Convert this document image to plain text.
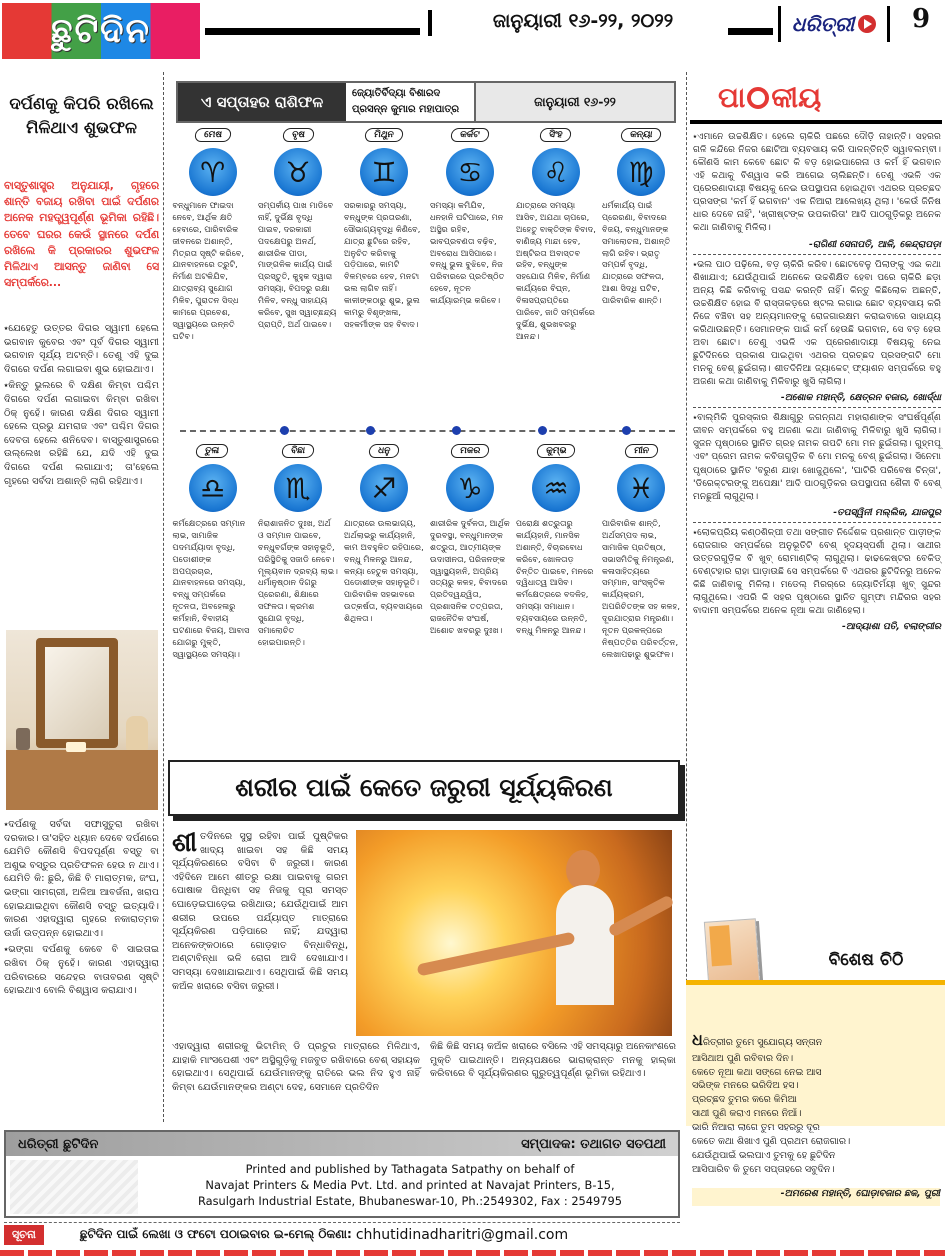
ଛୁଟିଦିନ	ଜାନୁୟାରୀ ୧୬-୨୨, ୨୦୨୨	ଧରିତ୍ରୀ	9
ଦର୍ପଣକୁ କିପରି ରଖିଲେ ମିଳିଥାଏ ଶୁଭଫଳ
ବାସ୍ତୁଶାସ୍ତ୍ର ଅନୁଯାୟୀ, ଗୃହରେ ଶାନ୍ତି ବଜାୟ ରଖିବା ପାଇଁ ଦର୍ପଣର ଅନେକ ମହତ୍ତ୍ୱପୂର୍ଣ୍ଣ ଭୂମିକା ରହିଛି। ତେବେ ଘରର କେଉଁ ସ୍ଥାନରେ ଦର୍ପଣ ରଖିଲେ କି ପ୍ରକାରର ଶୁଭଫଳ ମିଳିଥାଏ ଆସନ୍ତୁ ଜାଣିବା ସେ ସମ୍ପର୍କରେ...

⭑ଯେହେତୁ ଉତ୍ତର ଦିଗର ସ୍ୱାମୀ ହେଲେ ଭଗବାନ କୁବେର ଏବଂ ପୂର୍ବ ଦିଗର ସ୍ୱାମୀ ଭଗବାନ ସୂର୍ଯ୍ୟ ଅଟନ୍ତି। ତେଣୁ ଏହି ଦୁଇ ଦିଗରେ ଦର୍ପଣ ଲଗାଇବା ଶୁଭ ହୋଇଥାଏ।

⭑କିନ୍ତୁ ଭୁଲରେ ବି ଦକ୍ଷିଣ କିମ୍ବା ପଶ୍ଚିମ ଦିଗରେ ଦର୍ପଣ ଲଗାଇବା କିମ୍ବା ରଖିବା ଠିକ୍ ନୁହେଁ। କାରଣ ଦକ୍ଷିଣ ଦିଗର ସ୍ୱାମୀ ହେଲେ ପ୍ରଭୁ ଯମରାଜ ଏବଂ ପଶ୍ଚିମ ଦିଗର ଦେବତା ହେଲେ ଶନିଦେବ। ବାସ୍ତୁଶାସ୍ତ୍ରରେ ଉଲ୍ଲେଖ ରହିଛି ଯେ, ଯଦି ଏହି ଦୁଇ ଦିଗରେ ଦର୍ପଣ ଲଗାଯାଏ; ତା'ହେଲେ ଗୃହରେ ସର୍ବଦା ଅଶାନ୍ତି ଲାଗି ରହିଥାଏ।

⭑ଦର୍ପଣକୁ ସର୍ବଦା ସଫାସୁତୁରା ରଖିବା ଦରକାର। ତା'ସହିତ ଧ୍ୟାନ ଦେବେ ଦର୍ପଣରେ ଯେମିତି କୌଣସି ବିପଦପୂର୍ଣ୍ଣ ବସ୍ତୁ ବା ଅଶୁଭ ବସ୍ତୁର ପ୍ରତିଫଳନ ହେଉ ନ ଥାଏ। ଯେମିତି କି: ଛୁରି, କିଛି ବି ମାରାତ୍ମକ, ଜଂଘ, ଭଙ୍ଗା ସାମଗ୍ରୀ, ଅଳିଆ ଆବର୍ଜନା, ଖରାପ ହୋଇଯାଇଥିବା କୌଣସି ବସ୍ତୁ ଇତ୍ୟାଦି। କାରଣ ଏହାଦ୍ୱାରା ଗୃହରେ ନକାରାତ୍ମକ ଉର୍ଜା ଉତ୍ପନ୍ନ ହୋଇଥାଏ।

⭑ଭଙ୍ଗା ଦର୍ପଣକୁ କେବେ ବି ସାଇତାଇ ରଖିବା ଠିକ୍ ନୁହେଁ। କାରଣ ଏହାଦ୍ୱାରା ପରିବାରରେ ସନ୍ଦେହର ବାତାବରଣ ସୃଷ୍ଟି ହୋଇଥାଏ ବୋଲି ବିଶ୍ୱାସ କରାଯାଏ।

ଏ ସପ୍ତାହର ରାଶିଫଳ	ଜ୍ୟୋତିର୍ବିଦ୍ୟା ବିଶାରଦ
ପ୍ରସନ୍ନ କୁମାର ମହାପାତ୍ର
ଜାନୁୟାରୀ ୧୬-୨୨
ମେଷ
♈
ବନ୍ଧୁମାନେ ଫାଇଦା ନେବେ, ଆର୍ଥିକ କ୍ଷତି ହେବାରେ, ପାରିବାରିକ ଜୀବନରେ ଅଶାନ୍ତି, ମିତ୍ରତା ସୃଷ୍ଟି କରିବେ, ଯାନବାହନରେ ତ୍ରୁଟି, ନିର୍ମାଣ ଅଟକିଯିବ, ଯାତ୍ରାବ୍ୟ ସୁଯୋଗ ମିଳିବ, ପୁରାତନ ସିଦ୍ଧ କାମରେ ପ୍ରବେଶ, ସ୍ୱାସ୍ଥ୍ୟରେ ଉନ୍ନତି ଘଟିବ।
ବୃଷ
♉
ସମ୍ପର୍କୀୟ ପାଖ ମାଡିବେ ନାହିଁ, ଦୁର୍ଭିକ୍ଷ ବୃଦ୍ଧି ପାଇବ, ଦରକାରୀ ପଦକ୍ଷେପରୁ ଅନର୍ଥ, ଶାରୀରିକ ପୀଡା, ମାଙ୍ଗଳିକ କାର୍ଯ୍ୟ ପାଇଁ ପ୍ରସ୍ତୁତି, କୁହୁକ ଦ୍ୱାରା ସମସ୍ୟା, ବିପଦରୁ ରକ୍ଷା ମିଳିବ, ବନ୍ଧୁ ସାହାଯ୍ୟ କରିବେ, ସୁଖ ସ୍ୱାଚ୍ଛନ୍ଦ୍ୟ ପ୍ରାପ୍ତି, ଅର୍ଥ ପାଇବେ।
ମିଥୁନ
♊
ସରକାରରୁ ସମସ୍ୟା, ବନ୍ଧୁଙ୍କ ପ୍ରତାରଣା, ସୌଭାଗ୍ୟବୃଦ୍ଧି କିଣିବେ, ଯାତ୍ରା ଛୁଟିରେ ରହିବ, ଅନୁଚିତ କରିବାକୁ ପଡ଼ିପାରେ, କାମଟି ବିଳମ୍ବରେ ହେବ, ମନଟା ଭଲ ଲାଗିବ ନାହିଁ। କାଳୀଙ୍କଠାରୁ ଶୁଭ, ଭୁଲ କାମରୁ ବିଶୃଙ୍ଖଳା, ସହକର୍ମୀଙ୍କ ସହ ବିବାଦ।
କର୍କଟ
♋
ସମସ୍ୟା କମିଯିବ, ଧନହାନି ଘଟିପାରେ, ମନ ଅସ୍ଥିର ରହିବ, ଭାବପ୍ରବଣତା ବଢ଼ିବ, ଅବରୋଧ ଆସିପାରେ। ବନ୍ଧୁ ଭୁଲ ବୁଝିବେ, ନିଜ ପରିବାରରେ ପ୍ରତିଷ୍ଠିତ ହେବେ, ନୂତନ କାର୍ଯ୍ୟାରମ୍ଭ କରିବେ।
ସିଂହ
♌
ଯାତ୍ରାରେ ସମସ୍ୟା ଆସିବ, ଅଯଥା ଚାପରେ, ଅହେତୁ ବାକ୍ତିଙ୍କ ବିବାଦ, ବାଣିଜ୍ୟ ମାନ୍ଦା ହେବ, ଅଷ୍ଟିରତା ଅବାସ୍ତବ ରହିବ, ବନ୍ଧୁଙ୍କ ସହଯୋଗ ମିଳିବ, ନିର୍ମାଣ କାର୍ଯ୍ୟରେ ବିଘ୍ନ, ବିଳାସପ୍ରାପ୍ତିରେ ପାରିବେ, ଜାତି ସମ୍ପର୍କରେ ଦୁର୍ଭିକ୍ଷ, ଶୁଭଖବରରୁ ଆନନ୍ଦ।
କନ୍ୟା
♍
ଧର୍ମକାର୍ଯ୍ୟ ପାଇଁ ପ୍ରେରଣା, ବିବାଦରେ ବିଜୟ, ବନ୍ଧୁମାନଙ୍କ ସମାଲୋଚନା, ଅଶାନ୍ତି ଲାଗି ରହିବ। ଭ୍ରାତୃ ସମ୍ପର୍କ ବୃଦ୍ଧି, ଯାତ୍ରାରେ ସଫଳତା, ଆଶା ସିଦ୍ଧି ଘଟିବ, ପାରିବାରିକ ଶାନ୍ତି।
ତୁଳା
♎
କର୍ମକ୍ଷେତ୍ରରେ ସମ୍ମାନ ଲାଭ, ସାମାଜିକ ପଦମର୍ଯ୍ୟାଦା ବୃଦ୍ଧି, ପଡୋଶୀଙ୍କ ଅପପ୍ରଚାର, ଯାନବାହନରେ ସମସ୍ୟା, ବନ୍ଧୁ ସମ୍ପର୍କରେ ନୂତନତା, ଅବହେଳାରୁ କର୍ମହାନି, ବିବାହୀୟ ଘଟଣାରେ ବିଜୟ, ଆବାସ ଯୋଗରୁ ମୁକ୍ତି, ସ୍ୱାସ୍ଥ୍ୟରେ ସମସ୍ୟା।
ବିଛା
♏
ନିରାଶାଜନିତ ଦୁଃଖ, ଅର୍ଥ ଓ ସମ୍ମାନ ପାଇବେ, ବନ୍ଧୁବର୍ଗଙ୍କ ସହାନୁଭୂତି, ପରିସ୍ଥିତିକୁ ସଜାଡି ନେବେ। ମୂଲ୍ୟବାନ ଦ୍ରବ୍ୟ ଲାଭ। ଧର୍ମାନୁଷ୍ଠାନ ଦିଗରୁ ପ୍ରେରଣା, ଶିକ୍ଷାରେ ସଫଳତା। କ୍ରମଶ ସୁଯୋଗ ବୃଦ୍ଧି, ସମାଲୋଚିତ ହୋଇପାରନ୍ତି।
ଧନୁ
♐
ଯାତ୍ରାରେ ଉଲଭାଗ୍ୟ, ଅର୍ଥଲାଭରୁ କାର୍ଯ୍ୟହାନି, କାମ ଅବହୁଳିତ ରହିପାରେ, ବନ୍ଧୁ ମିଳନରୁ ଆନନ୍ଦ, କନ୍ୟା ହେତୁକ ସମସ୍ୟା, ପଡୋଶୀଙ୍କ ସହାନୁଭୂତି। ପାରିବାରିକ ସହଭାବରେ ଉତ୍କର୍ଷତା, ବ୍ୟବସାୟରେ ଶିଥିଳତା।
ମକର
♑
ଶାରୀରିକ ଦୁର୍ବଳତା, ଆର୍ଥିକ ଦୁରବସ୍ଥା, ବନ୍ଧୁମାନଙ୍କ ଶତ୍ରୁତା, ଆତ୍ମୀୟଙ୍କ ଉଦାସୀନତା, ପରିଜନଙ୍କ ସ୍ୱାସ୍ଥ୍ୟହାନି, ଅପ୍ରିୟ ସତ୍ୟରୁ କଳହ, ବିବାଦରେ ପ୍ରତିଦ୍ୱନ୍ଦ୍ୱିତା, ପ୍ରଶାସନିକ ତତ୍ପରତା, ରାଜନୈତିକ ସଂଘର୍ଷ, ଅଶୋଚ ଖବରରୁ ଦୁଃଖ।
କୁମ୍ଭ
♒
ପରୋକ୍ଷ ଶତ୍ରୁତାରୁ କାର୍ଯ୍ୟହାନି, ମାନସିକ ଅଶାନ୍ତି, ବିଚାରବୋଧ କରିବେ, ଖୋଳତାଡ଼ ଚିନ୍ତିତ ପାଇବେ, ମନରେ ଦ୍ୱିଧାତ୍ୱ ଆସିବ। କର୍ମକ୍ଷେତ୍ରରେ ବଦଳିହ, ସମସ୍ୟା ସମାଧାନ। ବ୍ୟବସାୟରେ ଉନ୍ନତି, ବନ୍ଧୁ ମିଳନରୁ ଆନନ୍ଦ।
ମୀନ
♓
ପାରିବାରିକ ଶାନ୍ତି, ଅର୍ଥସମ୍ପଦ ଲାଭ, ସାମାଜିକ ପ୍ରତିଷ୍ଠା, ସଭାସମିତିକୁ ନିମନ୍ତ୍ରଣ, କଳାସାହିତ୍ୟରେ ସମ୍ମାନ, ସାଂସ୍କୃତିକ କାର୍ଯ୍ୟକ୍ରମ, ଅପରିଚିତଙ୍କ ସହ କଳହ, ଦୂରଯାତ୍ରାର ମନ୍ତ୍ରଣା। ନୂତନ ପ୍ରକଳ୍ପରେ ନିଷ୍ପତ୍ତିର ପରିବର୍ତ୍ତନ, ଲେଖାପଢାରୁ ଶୁଭଫଳ।
ଶରୀର ପାଇଁ କେତେ ଜରୁରୀ ସୂର୍ଯ୍ୟକିରଣ
ଶୀ ତଦିନରେ ସୁସ୍ଥ ରହିବା ପାଇଁ ପୁଷ୍ଟିକର ଖାଦ୍ୟ ଖାଇବା ସହ କିଛି ସମୟ ସୂର୍ଯ୍ୟକିରଣରେ ବସିବା ବି ଜରୁରୀ। କାରଣ ଏହିଦିନେ ଆମେ ଶୀତରୁ ରକ୍ଷା ପାଇବାକୁ ଗରମ ପୋଷାକ ପିନ୍ଧିବା ସହ ନିଜକୁ ପୂରା ସମସ୍ତ ଘୋଡ଼େଇଘାଡ଼େଇ ରଖିଥାଉ; ଯେଉଁଥିପାଇଁ ଆମ ଶରୀର ଉପରେ ପର୍ଯ୍ୟାପ୍ତ ମାତ୍ରାରେ ସୂର୍ଯ୍ୟକିରଣ ପଡ଼ିପାରେ ନାହିଁ; ଯଦ୍ୱାରା ଅନେକଙ୍କଠାରେ ଗୋଡ଼ହାତ ବିନ୍ଧାବିନ୍ଧି, ଅଣ୍ଟାବିନ୍ଧା ଭଳି ରୋଗ ଆଦି ଦେଖାଯାଏ। ସମସ୍ୟା ଦେଖାଯାଇଥାଏ। ସେଥିପାଇଁ କିଛି ସମୟ କଅଁଳ ଖରାରେ ବସିବା ଜରୁରୀ।
ଏହାଦ୍ୱାରା ଶରୀରକୁ ଭିଟାମିନ୍ ଡି ପ୍ରଚୁର ମାତ୍ରାରେ ମିଳିଥାଏ, ଯାହାକି ମାଂସପେଶୀ ଏବଂ ଅସ୍ଥିଗୁଡ଼ିକୁ ମଜବୁତ ରଖିବାରେ ବେଶ୍ ସହାୟକ ହୋଇଥାଏ। ସେଥିପାଇଁ ଯେଉଁମାନଙ୍କୁ ରାତିରେ ଭଲ ନିଦ ହୁଏ ନାହିଁ କିମ୍ବା ଯେଉଁମାନଙ୍କର ଅଣ୍ଟା ଦେହ, ସେମାନେ ପ୍ରତିଦିନ
କିଛି କିଛି ସମୟ କଅଁଳ ଖରାରେ ବସିଲେ ଏହି ସମସ୍ୟାରୁ ଅନେକାଂଶରେ ମୁକ୍ତି ପାଇଥାନ୍ତି। ଅନ୍ୟପକ୍ଷରେ ଭାରାକ୍ରାନ୍ତ ମନକୁ ହାଲ୍କା କରିବାରେ ବି ସୂର୍ଯ୍ୟକିରଣର ଗୁରୁତ୍ୱପୂର୍ଣ୍ଣ ଭୂମିକା ରହିଥାଏ।
ପା କୀୟ

⭑ଏମାନେ ଉଚ୍ଚଶିକ୍ଷିତ। ହେଲେ ଚାକିରି ପଛରେ ଦୌଡ଼ି ନାହାନ୍ତି। ସହରର ଗଳି କନ୍ଦିରେ ନିଜର ଛୋଟିଆ ବ୍ୟବସାୟ କରି ପାଳନ୍ତିନ୍ତି ସ୍ୱାବଲମ୍ବୀ। କୌଣସି କାମ କେବେ ଛୋଟ କି ବଡ଼ ହୋଇପାରେନା ଓ କର୍ମ ହିଁ ଭଗବାନ ଏହି କଥାକୁ ବିଶ୍ୱାସ କରି ଆଗେଇ ଚାଲିଛନ୍ତି। ତେଣୁ ଏଭଳି ଏକ ପ୍ରେରଣାଦାୟୀ ବିଷୟକୁ ନେଇ ଉପସ୍ଥାପନା ହୋଇଥିବା ଏଥରର ପ୍ରଚ୍ଛଦ ପ୍ରସଙ୍ଗ 'କର୍ମ ହିଁ ଭଗବାନ' ଏକ ନିଆରା ଆଲେଖ୍ୟ ଥିଲା। 'କେଉଁ ଜିନିଷ ଧାର ଦେବେ ନାହିଁ', 'ଖ୍ରୀଷ୍ଟଙ୍କ ଉପକାରିତା' ଆଦି ପାଠଗୁଡ଼ିକରୁ ଅନେକ କଥା ଜାଣିବାକୁ ମିଳିଲା।

-ରାଗିଣୀ ସେନାପତି, ଆଳି, କେନ୍ଦ୍ରାପଡ଼ା

⭑ଭଲ ପାଠ ପଢ଼ିଲେ, ବଡ଼ ଚାକିରି କରିବ। ଛୋଟବେଳୁ ପିଲାଙ୍କୁ ଏଇ କଥା ଶିଖାଯାଏ; ଯେଉଁଥିପାଇଁ ଅନେକେ ଉଚ୍ଚଶିକ୍ଷିତ ହେବା ପରେ ଚାକିରି ଛଡ଼ା ଅନ୍ୟ କିଛି କରିବାକୁ ପସନ୍ଦ କରନ୍ତି ନାହିଁ। କିନ୍ତୁ କିଛିଲୋକ ଅଛନ୍ତି, ଉଚ୍ଚଶିକ୍ଷିତ ହୋଇ ବି ରାସ୍ତାକଡ଼ରେ ଷ୍ଟଲ ଲଗାଇ ଛୋଟ ବ୍ୟବସାୟ କରି ନିଜେ ବଞ୍ଚିବା ସହ ଅନ୍ୟମାନଙ୍କୁ ରୋଜଗାରକ୍ଷମ କରାଇବାରେ ସାହାଯ୍ୟ କରିଥାଉଛନ୍ତି। ସେମାନଙ୍କ ପାଇଁ କର୍ମ ହେଉଛି ଭଗବାନ, ସେ ବଡ଼ ହେଉ ଅବା ଛୋଟ। ତେଣୁ ଏଭଳି ଏକ ପ୍ରେରଣାଦାୟୀ ବିଷୟକୁ ନେଇ ଛୁଟିଦିନରେ ପ୍ରକାଶ ପାଇଥିବା ଏଥରର ପ୍ରଚ୍ଛଦ ପ୍ରସଙ୍ଗଟି ମୋ ମନକୁ ବେଶ୍ ଛୁଇଁଗଲା। ଶୀତଦିନିଆ ଜ୍ୟାକେଟ୍ ଫ୍ୟାଶନ ସମ୍ପର୍କରେ ବହୁ ଅଜଣା କଥା ଜାଣିବାକୁ ମିଳିବାରୁ ଖୁସି ଲାଗିଲା।

-ଅଶୋକ ମହାନ୍ତି, କ୍ଷେତ୍ରନ ବଜାର, ଖୋର୍ଦ୍ଧା

⭑ବାଲ୍ମିକି ପୁରସ୍କାର ଶିକ୍ଷାଗୁରୁ ଜଗନ୍ନାଥ ମହାରାଣାଙ୍କ ସଂଘର୍ଷପୂର୍ଣ୍ଣ ଜୀବନ ସମ୍ପର୍କରେ ବହୁ ଅଜଣା କଥା ଜାଣିବାକୁ ମିଳିବାରୁ ଖୁସି ଲାଗିଲା। ସୁଜନ ପୃଷ୍ଠାରେ ସ୍ଥାନିତ ଗ୍ରହ ନାମକ ଗପଟି ମୋ ମନ ଛୁଇଁଗଲା। ଗୁହ୍ମପୂ ଏବଂ ପ୍ରେମ ନାମକ କବିତାଗୁଡ଼ିକ ବି ମୋ ମନକୁ ବେଶ୍ ଛୁଇଁଗଲା। ସିନେମା ପୃଷ୍ଠାରେ ସ୍ଥାନିତ 'ବରୁଣ ଯାହା ଖୋଜୁଥିଲେ', 'ଘାଟିରି ପରିବେଷ ଚିନ୍ତା', 'ଡିରେକ୍ଟରଙ୍କୁ ଅପେକ୍ଷା' ଆଦି ପାଠଗୁଡ଼ିକର ଉପସ୍ଥାପନା ଶୈଳୀ ବି ବେଶ୍ ମନଛୁଆଁ ଲାଗୁଥିଲା।

-ତପସ୍ୱିନୀ ମଲ୍ଲିକ, ଯାଜପୁର

⭑ଲୋକପ୍ରିୟ କଣ୍ଠଶିଳ୍ପୀ ତଥା ସଙ୍ଗୀତ ନିର୍ଦ୍ଦେଶକ ପ୍ରଶାନ୍ତ ପାଡ଼ୀଙ୍କ ରୋଜଗାର ସମ୍ପର୍କରେ ଅନୁଭୂତିଟି ବେଶ୍ ହୃଦୟସ୍ପର୍ଶୀ ଥିଲା। ସାଥୀର ଉତ୍ତରଗୁଡ଼ିକ ବି ଖୁବ୍ ରୋମାଣ୍ଟିକ୍ ଲାଗୁଥିଲା। ଢାଢକେଷ୍ଟର ବେକିଡ୍ ବେଣ୍ଟହାର ରାହା ଘାଡ଼ାଉଛି ସେ ସମ୍ପର୍କରେ ବି ଏଥରର ଛୁଟିଦିନରୁ ଅନେକ କିଛି ଜାଣିବାକୁ ମିଳିଲା। ମଡେଲ୍ ମିରର୍‌ରେ ଜ୍ୟୋତିର୍ମୟୀ ଖୁବ୍ ସୁନ୍ଦର ଲାଗୁଥିଲେ। ଏପରି କି ସହର ପୃଷ୍ଠାରେ ସ୍ଥାନିତ ଗୁମ୍ଫା ମନ୍ଦିରର ସହର ବାଦାମୀ ସମ୍ପର୍କରେ ଅନେକ ନୂଆ କଥା ଜାଣିହେଲା।

-ଆଦ୍ୟାଶା ପତି, ବଲାଙ୍ଗୀର

ବିଶେଷ ଚିଠି
ଧରିତ୍ରୀର ତୁମେ ସୁଯୋଗ୍ୟ ସନ୍ତାନ
ଆସିଥାଅ ପୁଣି ରବିବାର ଦିନ।
କେତେ ନୂଆ କଥା ସଙ୍ଗେ ନେଇ ଆସ
ସଭିଙ୍କ ମନରେ ଭରିଦିଅ ହସ।
ପ୍ରଚ୍ଛଦ ତୁମର କରେ କିମିଆ
ସାଥୀ ପୁଣି କରାଏ ମନରେ ନିଆଁ।
ଭାରି ନିଆରା ଲାଗେ ତୁମ ସହରରୁ ଦୂର
କେତେ କଥା ଶିଖାଏ ପୁଣି ପ୍ରଥମ ରୋଜଗାର।
ଯେଉଁଥିପାଇଁ ଭଲପାଏ ତୁମକୁ ହେ ଛୁଟିଦିନ
ଆସିପାରିବ କି ତୁମେ ସପ୍ତାହରେ ସବୁଦିନ।
-ଅମରେଶ ମହାନ୍ତି, ଘୋଡ଼ାବଜାର ଛକ, ପୁରୀ
ଧରିତ୍ରୀ ଛୁଟିଦିନ	ସମ୍ପାଦକ: ତଥାଗତ ସତପଥୀ
Printed and published by Tathagata Satpathy on behalf of
Navajat Printers & Media Pvt. Ltd. and printed at Navajat Printers, B-15,
Rasulgarh Industrial Estate, Bhubaneswar-10, Ph.:2549302, Fax : 2549795
ସୂଚନା	ଛୁଟିଦିନ ପାଇଁ ଲେଖା ଓ ଫଟୋ ପଠାଇବାର ଇ-ମେଲ୍ ଠିକଣା: chhutidinadharitri@gmail.com
